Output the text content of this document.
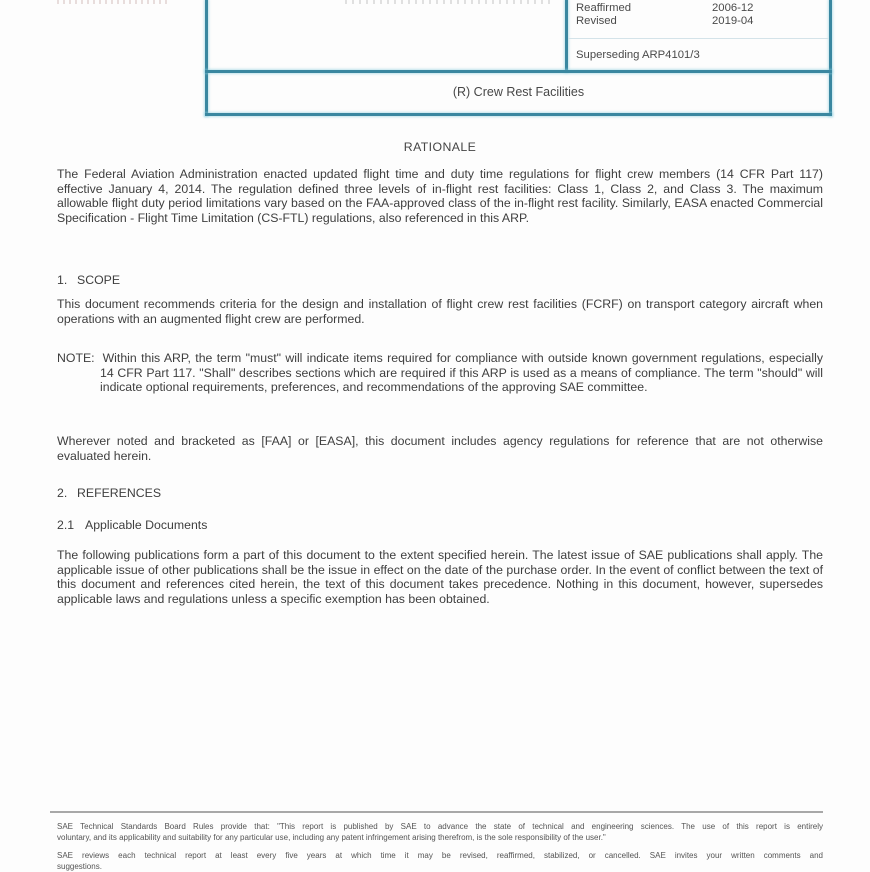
Reaffirmed	2006-12
Revised	2019-04
Superseding ARP4101/3
(R) Crew Rest Facilities
RATIONALE
The Federal Aviation Administration enacted updated flight time and duty time regulations for flight crew members (14 CFR Part 117) effective January 4, 2014. The regulation defined three levels of in-flight rest facilities: Class 1, Class 2, and Class 3. The maximum allowable flight duty period limitations vary based on the FAA-approved class of the in-flight rest facility. Similarly, EASA enacted Commercial Specification - Flight Time Limitation (CS-FTL) regulations, also referenced in this ARP.
1. SCOPE
This document recommends criteria for the design and installation of flight crew rest facilities (FCRF) on transport category aircraft when operations with an augmented flight crew are performed.
NOTE: Within this ARP, the term "must" will indicate items required for compliance with outside known government regulations, especially 14 CFR Part 117. "Shall" describes sections which are required if this ARP is used as a means of compliance. The term "should" will indicate optional requirements, preferences, and recommendations of the approving SAE committee.
Wherever noted and bracketed as [FAA] or [EASA], this document includes agency regulations for reference that are not otherwise evaluated herein.
2. REFERENCES
2.1 Applicable Documents
The following publications form a part of this document to the extent specified herein. The latest issue of SAE publications shall apply. The applicable issue of other publications shall be the issue in effect on the date of the purchase order. In the event of conflict between the text of this document and references cited herein, the text of this document takes precedence. Nothing in this document, however, supersedes applicable laws and regulations unless a specific exemption has been obtained.
SAE Technical Standards Board Rules provide that: "This report is published by SAE to advance the state of technical and engineering sciences. The use of this report is entirely
voluntary, and its applicability and suitability for any particular use, including any patent infringement arising therefrom, is the sole responsibility of the user."
SAE reviews each technical report at least every five years at which time it may be revised, reaffirmed, stabilized, or cancelled. SAE invites your written comments and
suggestions.
